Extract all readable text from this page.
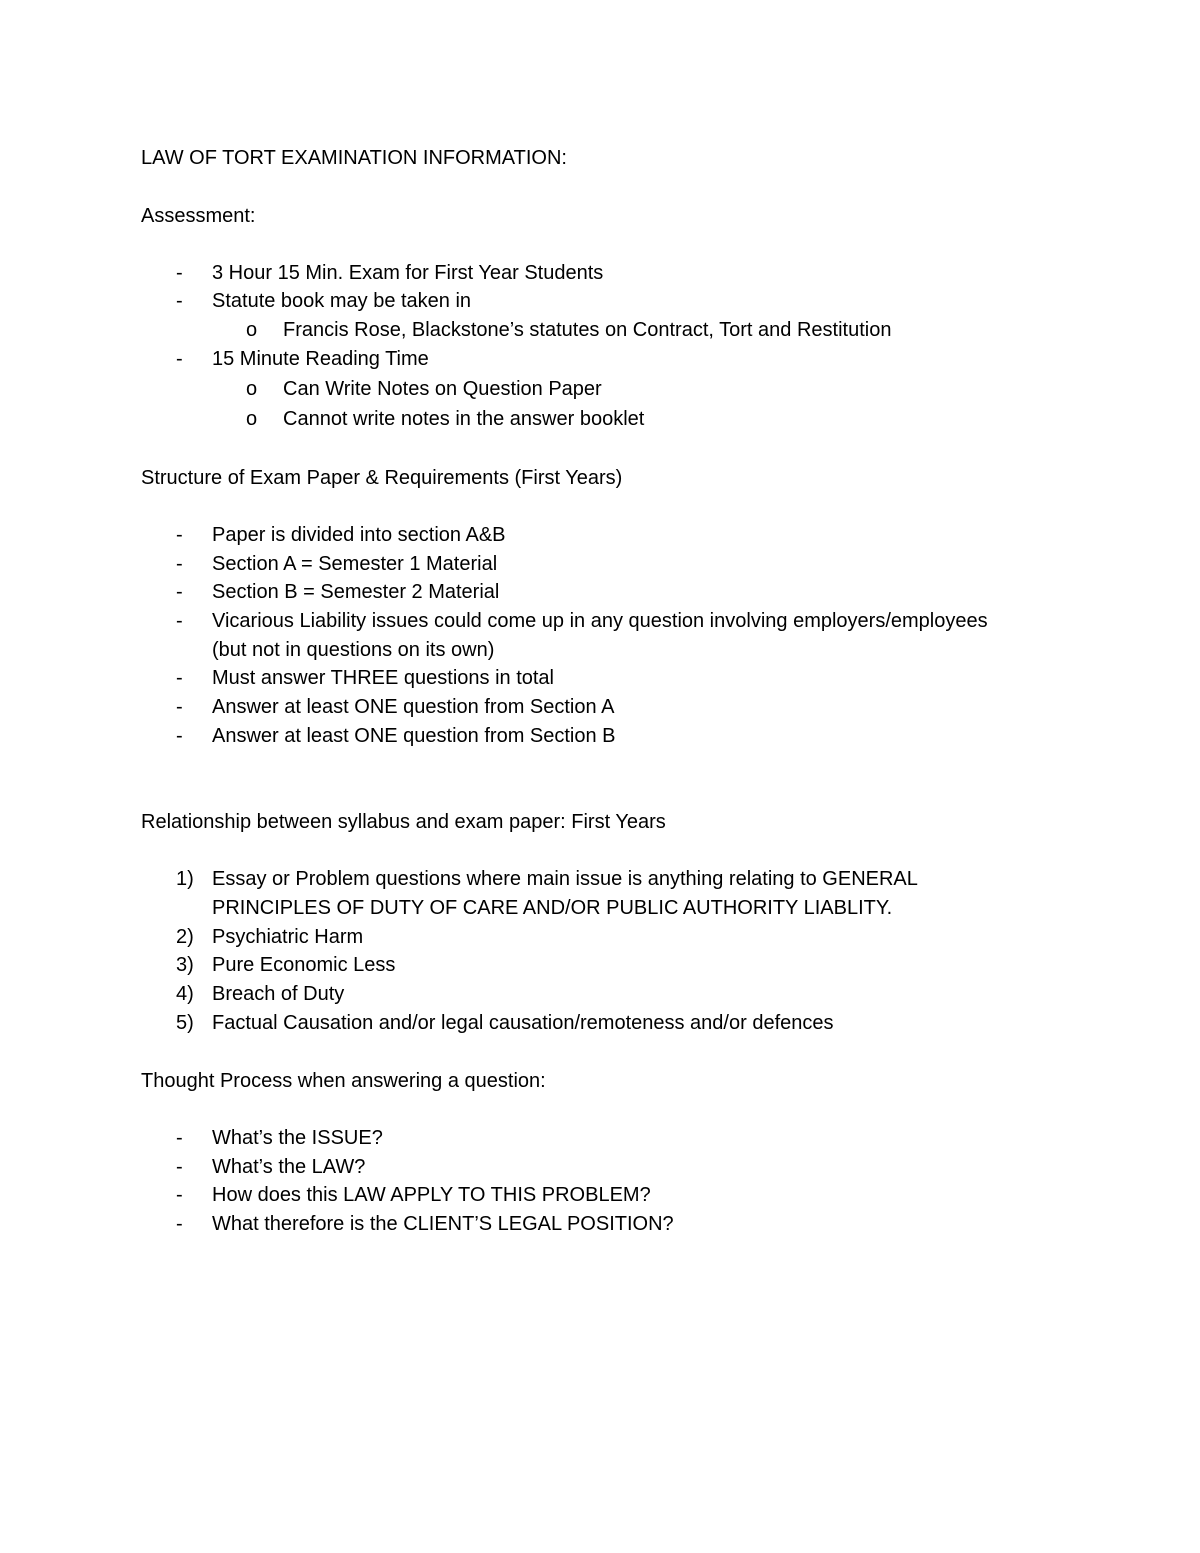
LAW OF TORT EXAMINATION INFORMATION:
Assessment:
- 3 Hour 15 Min. Exam for First Year Students
- Statute book may be taken in
o Francis Rose, Blackstone’s statutes on Contract, Tort and Restitution
- 15 Minute Reading Time
o Can Write Notes on Question Paper
o Cannot write notes in the answer booklet
Structure of Exam Paper & Requirements (First Years)
- Paper is divided into section A&B
- Section A = Semester 1 Material
- Section B = Semester 2 Material
- Vicarious Liability issues could come up in any question involving employers/employees
(but not in questions on its own)
- Must answer THREE questions in total
- Answer at least ONE question from Section A
- Answer at least ONE question from Section B
Relationship between syllabus and exam paper: First Years
1) Essay or Problem questions where main issue is anything relating to GENERAL
PRINCIPLES OF DUTY OF CARE AND/OR PUBLIC AUTHORITY LIABLITY.
2) Psychiatric Harm
3) Pure Economic Less
4) Breach of Duty
5) Factual Causation and/or legal causation/remoteness and/or defences
Thought Process when answering a question:
- What’s the ISSUE?
- What’s the LAW?
- How does this LAW APPLY TO THIS PROBLEM?
- What therefore is the CLIENT’S LEGAL POSITION?
